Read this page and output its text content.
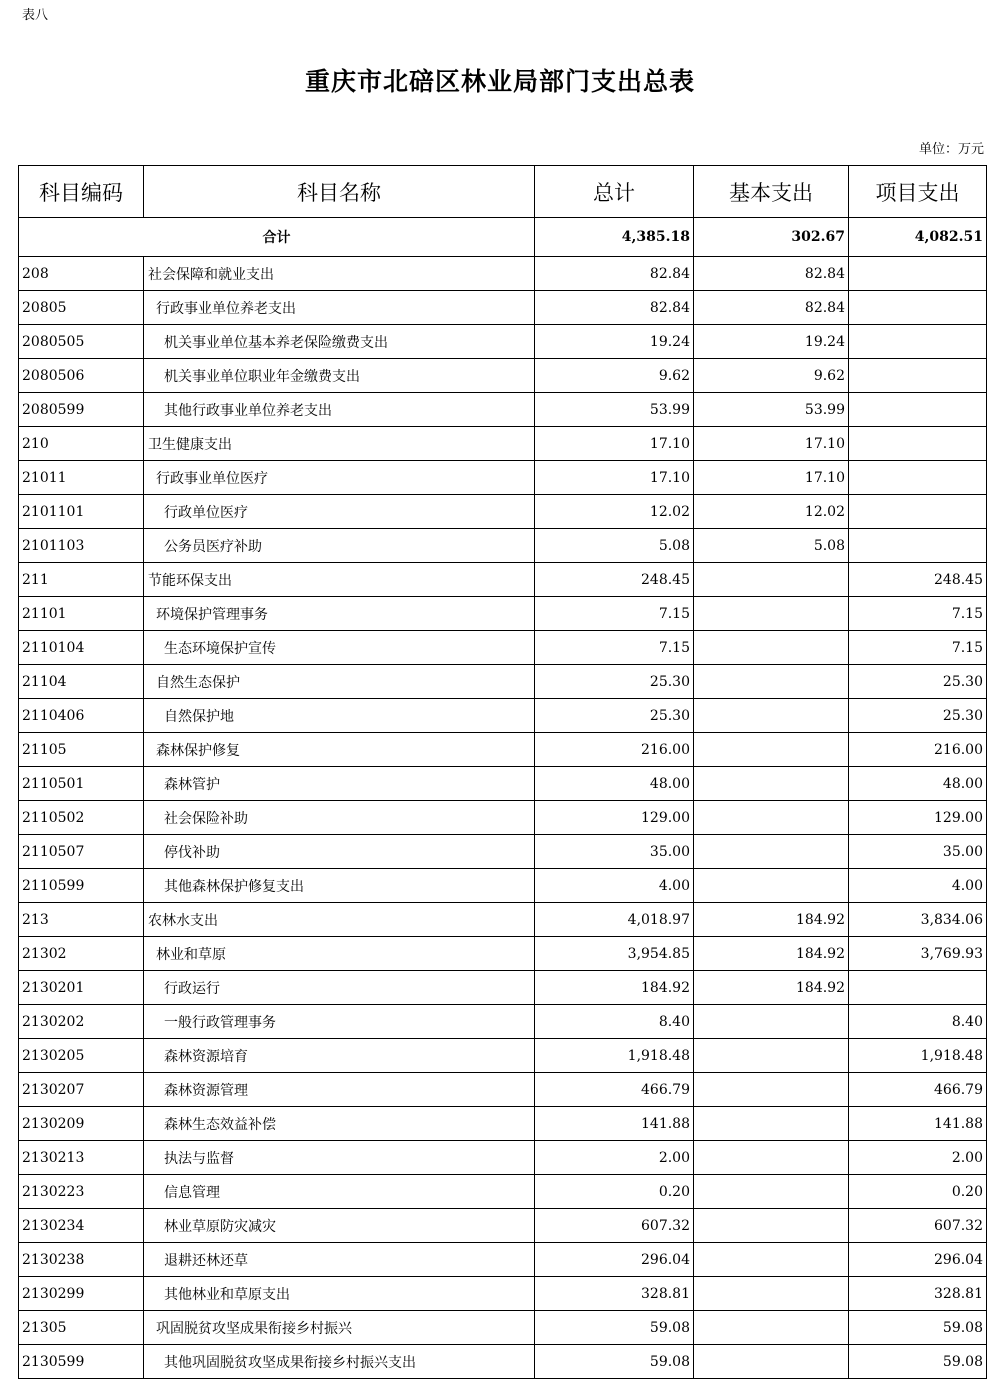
表八
重庆市北碚区林业局部门支出总表
单位：万元
科目编码	科目名称	总计	基本支出	项目支出
合计		4,385.18	302.67	4,082.51
208	社会保障和就业支出	82.84	82.84	
20805	行政事业单位养老支出	82.84	82.84	
2080505	机关事业单位基本养老保险缴费支出	19.24	19.24	
2080506	机关事业单位职业年金缴费支出	9.62	9.62	
2080599	其他行政事业单位养老支出	53.99	53.99	
210	卫生健康支出	17.10	17.10	
21011	行政事业单位医疗	17.10	17.10	
2101101	行政单位医疗	12.02	12.02	
2101103	公务员医疗补助	5.08	5.08	
211	节能环保支出	248.45		248.45
21101	环境保护管理事务	7.15		7.15
2110104	生态环境保护宣传	7.15		7.15
21104	自然生态保护	25.30		25.30
2110406	自然保护地	25.30		25.30
21105	森林保护修复	216.00		216.00
2110501	森林管护	48.00		48.00
2110502	社会保险补助	129.00		129.00
2110507	停伐补助	35.00		35.00
2110599	其他森林保护修复支出	4.00		4.00
213	农林水支出	4,018.97	184.92	3,834.06
21302	林业和草原	3,954.85	184.92	3,769.93
2130201	行政运行	184.92	184.92	
2130202	一般行政管理事务	8.40		8.40
2130205	森林资源培育	1,918.48		1,918.48
2130207	森林资源管理	466.79		466.79
2130209	森林生态效益补偿	141.88		141.88
2130213	执法与监督	2.00		2.00
2130223	信息管理	0.20		0.20
2130234	林业草原防灾减灾	607.32		607.32
2130238	退耕还林还草	296.04		296.04
2130299	其他林业和草原支出	328.81		328.81
21305	巩固脱贫攻坚成果衔接乡村振兴	59.08		59.08
2130599	其他巩固脱贫攻坚成果衔接乡村振兴支出	59.08		59.08
